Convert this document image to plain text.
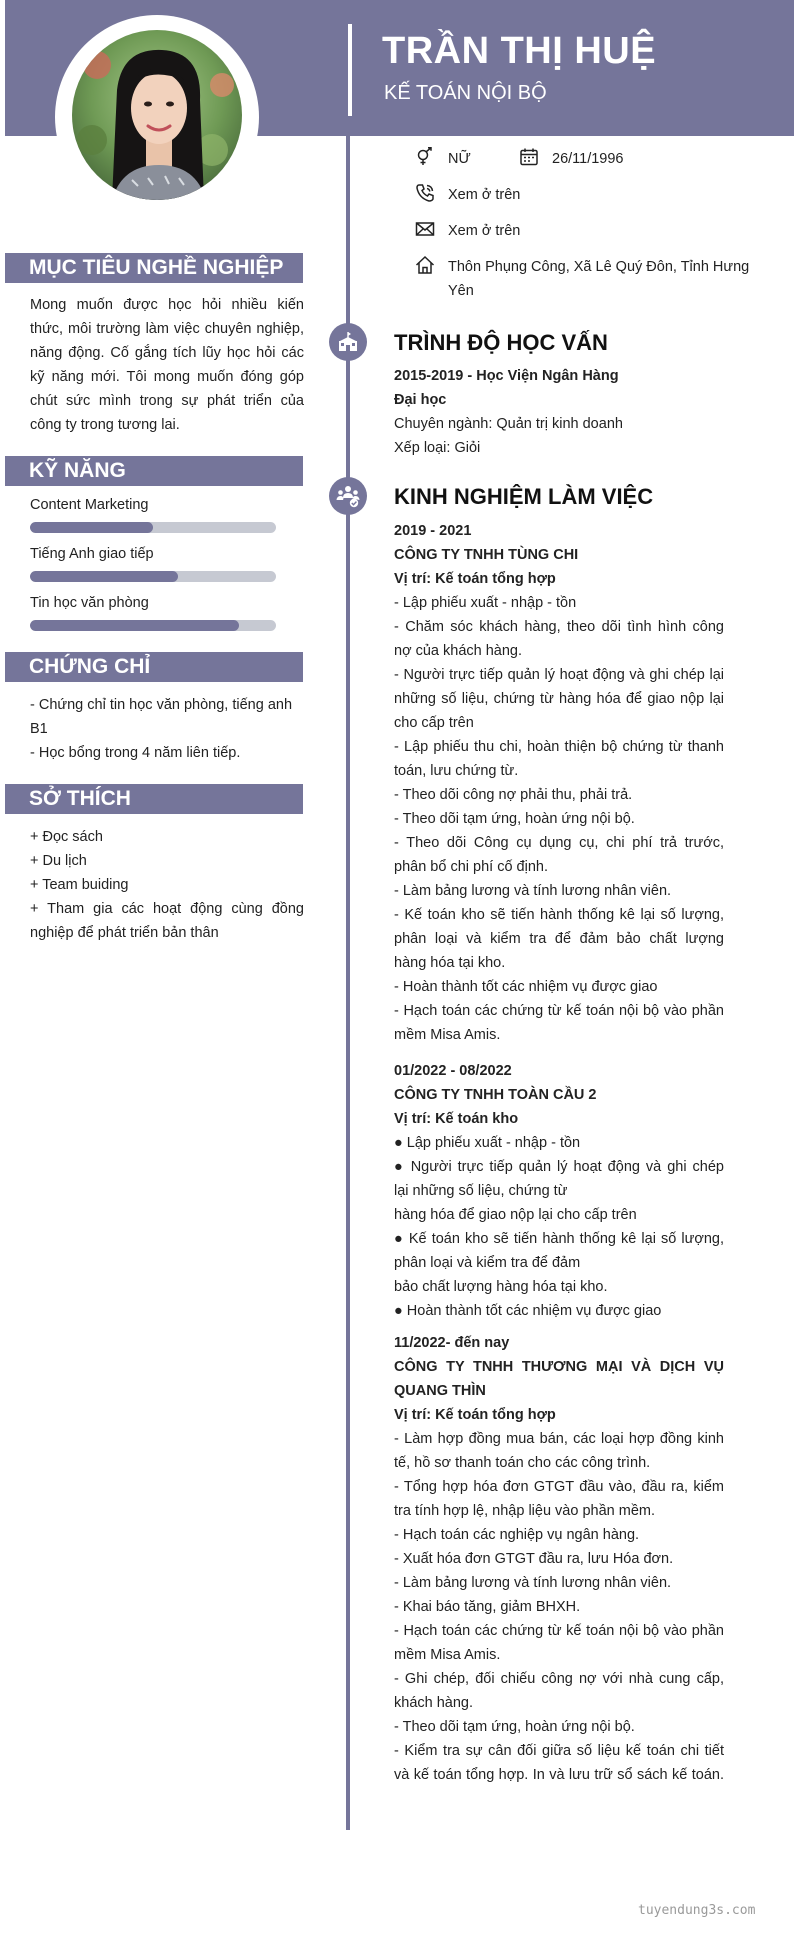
TRẦN THỊ HUỆ
KẾ TOÁN NỘI BỘ
NỮ	26/11/1996
Xem ở trên
Xem ở trên
Thôn Phụng Công, Xã Lê Quý Đôn, Tỉnh Hưng
Yên
MỤC TIÊU NGHỀ NGHIỆP
Mong muốn được học hỏi nhiều kiến
thức, môi trường làm việc chuyên nghiệp,
năng động. Cố gắng tích lũy học hỏi các
kỹ năng mới. Tôi mong muốn đóng góp
chút sức mình trong sự phát triển của
công ty trong tương lai.
KỸ NĂNG
Content Marketing
Tiếng Anh giao tiếp
Tin học văn phòng
CHỨNG CHỈ
- Chứng chỉ tin học văn phòng, tiếng anh
B1
- Học bổng trong 4 năm liên tiếp.
SỞ THÍCH
+ Đọc sách
+ Du lịch
+ Team buiding
+ Tham gia các hoạt động cùng đồng
nghiệp để phát triển bản thân
TRÌNH ĐỘ HỌC VẤN
2015-2019 - Học Viện Ngân Hàng
Đại học
Chuyên ngành: Quản trị kinh doanh
Xếp loại: Giỏi
KINH NGHIỆM LÀM VIỆC
2019 - 2021
CÔNG TY TNHH TÙNG CHI
Vị trí: Kế toán tổng hợp
- Lập phiếu xuất - nhập - tồn
- Chăm sóc khách hàng, theo dõi tình hình công
nợ của khách hàng.
- Người trực tiếp quản lý hoạt động và ghi chép lại
những số liệu, chứng từ hàng hóa để giao nộp lại
cho cấp trên
- Lập phiếu thu chi, hoàn thiện bộ chứng từ thanh
toán, lưu chứng từ.
- Theo dõi công nợ phải thu, phải trả.
- Theo dõi tạm ứng, hoàn ứng nội bộ.
- Theo dõi Công cụ dụng cụ, chi phí trả trước,
phân bổ chi phí cố định.
- Làm bảng lương và tính lương nhân viên.
- Kế toán kho sẽ tiến hành thống kê lại số lượng,
phân loại và kiểm tra để đảm bảo chất lượng
hàng hóa tại kho.
- Hoàn thành tốt các nhiệm vụ được giao
- Hạch toán các chứng từ kế toán nội bộ vào phần
mềm Misa Amis.
01/2022 - 08/2022
CÔNG TY TNHH TOÀN CẦU 2
Vị trí: Kế toán kho
● Lập phiếu xuất - nhập - tồn
● Người trực tiếp quản lý hoạt động và ghi chép
lại những số liệu, chứng từ
hàng hóa để giao nộp lại cho cấp trên
● Kế toán kho sẽ tiến hành thống kê lại số lượng,
phân loại và kiểm tra để đảm
bảo chất lượng hàng hóa tại kho.
● Hoàn thành tốt các nhiệm vụ được giao
11/2022- đến nay
CÔNG TY TNHH THƯƠNG MẠI VÀ DỊCH VỤ
QUANG THÌN
Vị trí: Kế toán tổng hợp
- Làm hợp đồng mua bán, các loại hợp đồng kinh
tế, hồ sơ thanh toán cho các công trình.
- Tổng hợp hóa đơn GTGT đầu vào, đầu ra, kiểm
tra tính hợp lệ, nhập liệu vào phần mềm.
- Hạch toán các nghiệp vụ ngân hàng.
- Xuất hóa đơn GTGT đầu ra, lưu Hóa đơn.
- Làm bảng lương và tính lương nhân viên.
- Khai báo tăng, giảm BHXH.
- Hạch toán các chứng từ kế toán nội bộ vào phần
mềm Misa Amis.
- Ghi chép, đối chiếu công nợ với nhà cung cấp,
khách hàng.
- Theo dõi tạm ứng, hoàn ứng nội bộ.
- Kiểm tra sự cân đối giữa số liệu kế toán chi tiết
và kế toán tổng hợp. In và lưu trữ sổ sách kế toán.
tuyendung3s.com
